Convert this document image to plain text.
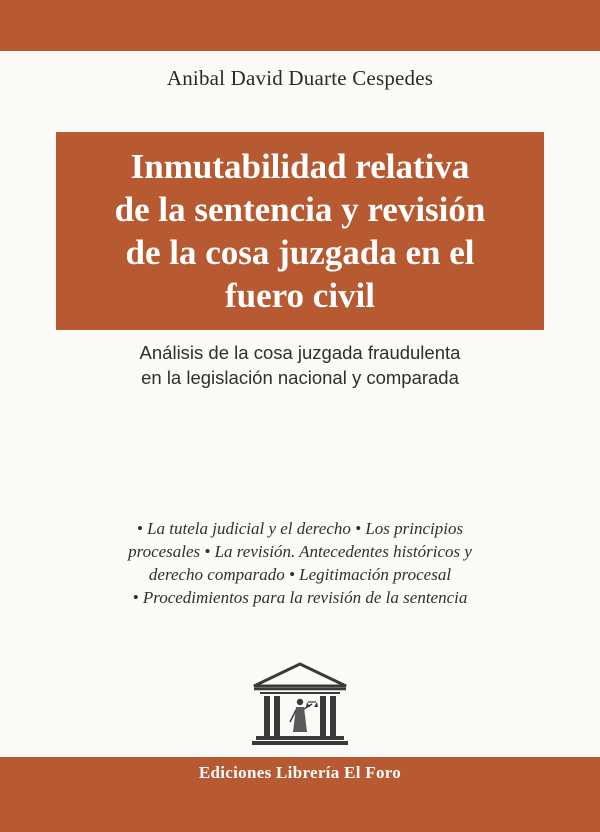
Anibal David Duarte Cespedes
Inmutabilidad relativa
de la sentencia y revisión
de la cosa juzgada en el
fuero civil
Análisis de la cosa juzgada fraudulenta
en la legislación nacional y comparada
• La tutela judicial y el derecho • Los principios
procesales • La revisión. Antecedentes históricos y
derecho comparado • Legitimación procesal
• Procedimientos para la revisión de la sentencia
Ediciones Librería El Foro
